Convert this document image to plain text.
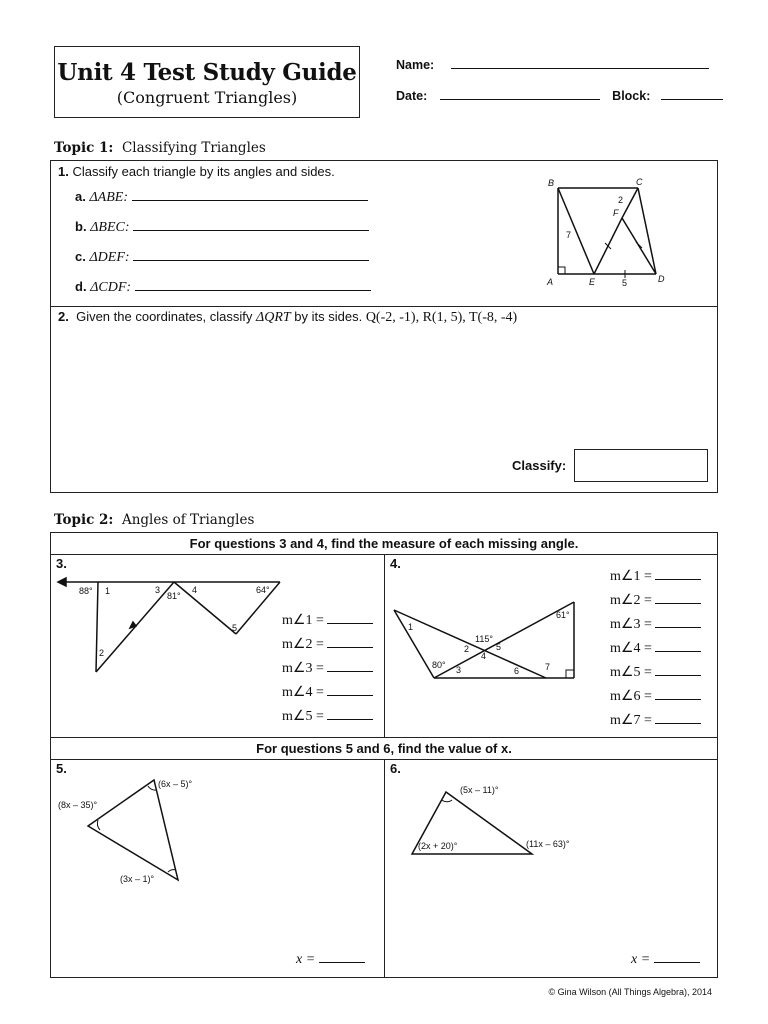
Unit 4 Test Study Guide
(Congruent Triangles)
Name:
Date:	Block:
Topic 1: Classifying Triangles
1. Classify each triangle by its angles and sides.
a. ΔABE:
b. ΔBEC:
c. ΔDEF:
d. ΔCDF:
B	C
F
A	E	D
7
2
5
2. Given the coordinates, classify ΔQRT by its sides. Q(-2, -1), R(1, 5), T(-8, -4)
Classify:
Topic 2: Angles of Triangles
For questions 3 and 4, find the measure of each missing angle.
For questions 5 and 6, find the value of x.
3.
88° 1	3
81°
4	64°
5
2
m∠1 =
m∠2 =
m∠3 =
m∠4 =
m∠5 =
4.
1
61°
115°
2	5
4
80° 3	6	7
m∠1 =
m∠2 =
m∠3 =
m∠4 =
m∠5 =
m∠6 =
m∠7 =
5.
(6x – 5)°
(8x – 35)°
(3x – 1)°
x =
6.
(5x – 11)°
(2x + 20)°	(11x – 63)°
x =
© Gina Wilson (All Things Algebra), 2014
